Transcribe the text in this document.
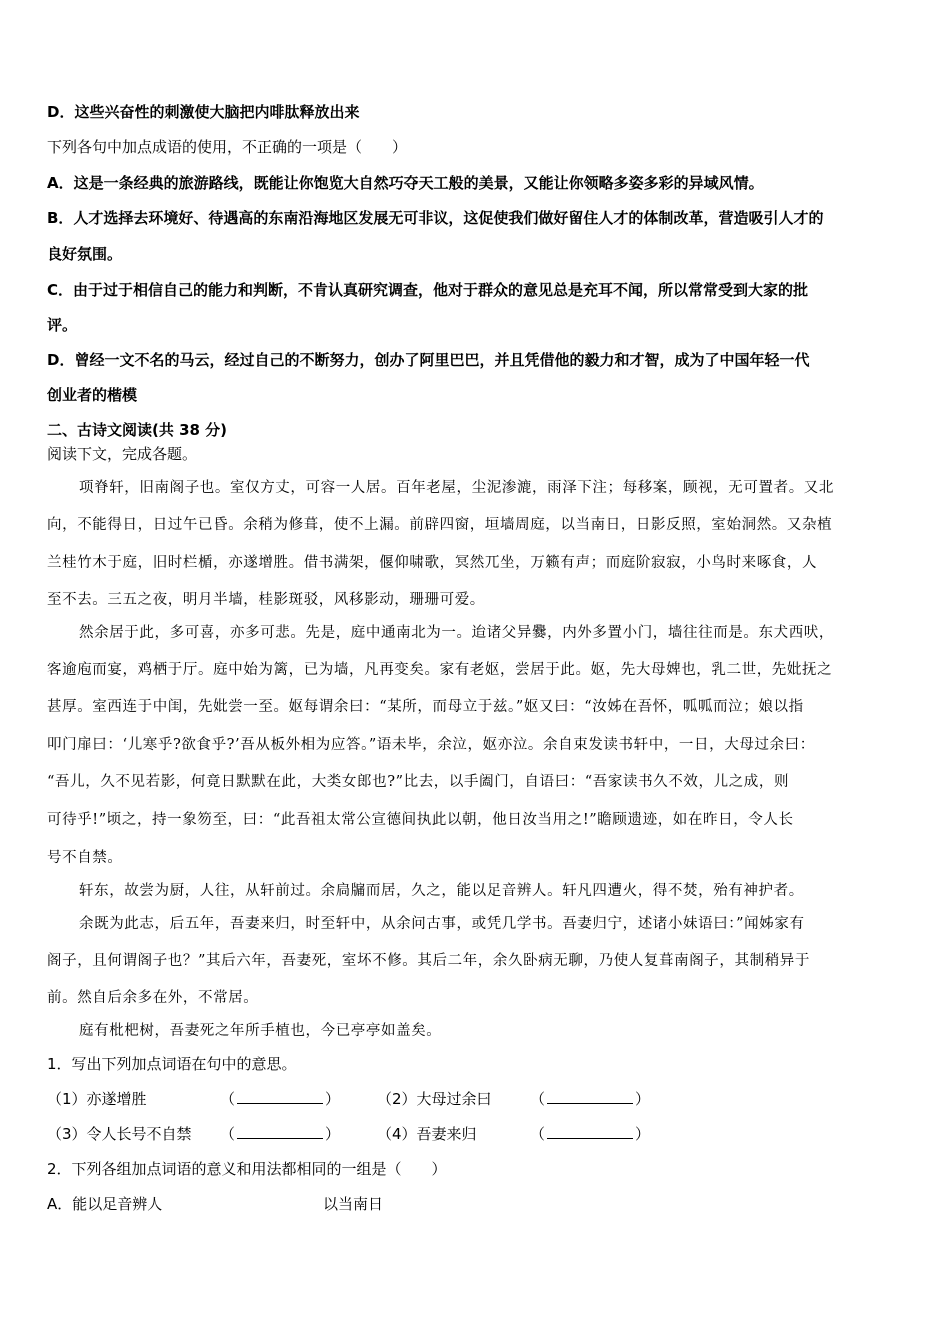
D．这些兴奋性的刺激使大脑把内啡肽释放出来
下列各句中加点成语的使用，不正确的一项是（　　）
A．这是一条经典的旅游路线，既能让你饱览大自然巧夺天工般的美景，又能让你领略多姿多彩的异域风情。
B．人才选择去环境好、待遇高的东南沿海地区发展无可非议，这促使我们做好留住人才的体制改革，营造吸引人才的
良好氛围。
C．由于过于相信自己的能力和判断，不肯认真研究调查，他对于群众的意见总是充耳不闻，所以常常受到大家的批
评。
D．曾经一文不名的马云，经过自己的不断努力，创办了阿里巴巴，并且凭借他的毅力和才智，成为了中国年轻一代
创业者的楷模
二、古诗文阅读(共 38 分)
阅读下文，完成各题。
项脊轩，旧南阁子也。室仅方丈，可容一人居。百年老屋，尘泥渗漉，雨泽下注；每移案，顾视，无可置者。又北
向，不能得日，日过午已昏。余稍为修葺，使不上漏。前辟四窗，垣墙周庭，以当南日，日影反照，室始洞然。又杂植
兰桂竹木于庭，旧时栏楯，亦遂增胜。借书满架，偃仰啸歌，冥然兀坐，万籁有声；而庭阶寂寂，小鸟时来啄食，人
至不去。三五之夜，明月半墙，桂影斑驳，风移影动，珊珊可爱。
然余居于此，多可喜，亦多可悲。先是，庭中通南北为一。迨诸父异爨，内外多置小门，墙往往而是。东犬西吠，
客逾庖而宴，鸡栖于厅。庭中始为篱，已为墙，凡再变矣。家有老妪，尝居于此。妪，先大母婢也，乳二世，先妣抚之
甚厚。室西连于中闺，先妣尝一至。妪每谓余曰：“某所，而母立于兹。”妪又曰：“汝姊在吾怀，呱呱而泣；娘以指
叩门扉曰：‘儿寒乎?欲食乎?’吾从板外相为应答。”语未毕，余泣，妪亦泣。余自束发读书轩中，一日，大母过余曰：
“吾儿，久不见若影，何竟日默默在此，大类女郎也?”比去，以手阖门，自语曰：“吾家读书久不效，儿之成，则
可待乎!”顷之，持一象笏至，曰：“此吾祖太常公宣德间执此以朝，他日汝当用之!”瞻顾遗迹，如在昨日，令人长
号不自禁。
轩东，故尝为厨，人往，从轩前过。余扃牖而居，久之，能以足音辨人。轩凡四遭火，得不焚，殆有神护者。
余既为此志，后五年，吾妻来归，时至轩中，从余问古事，或凭几学书。吾妻归宁，述诸小妹语曰：”闻姊家有
阁子，且何谓阁子也？”其后六年，吾妻死，室坏不修。其后二年，余久卧病无聊，乃使人复葺南阁子，其制稍异于
前。然自后余多在外，不常居。
庭有枇杷树，吾妻死之年所手植也，今已亭亭如盖矣。
1．写出下列加点词语在句中的意思。
（1）亦遂增胜	（	） （2）大母过余曰	（	）
（3）令人长号不自禁 （	） （4）吾妻来归	（	）
2．下列各组加点词语的意义和用法都相同的一组是（　　）
A．能以足音辨人	以当南日
